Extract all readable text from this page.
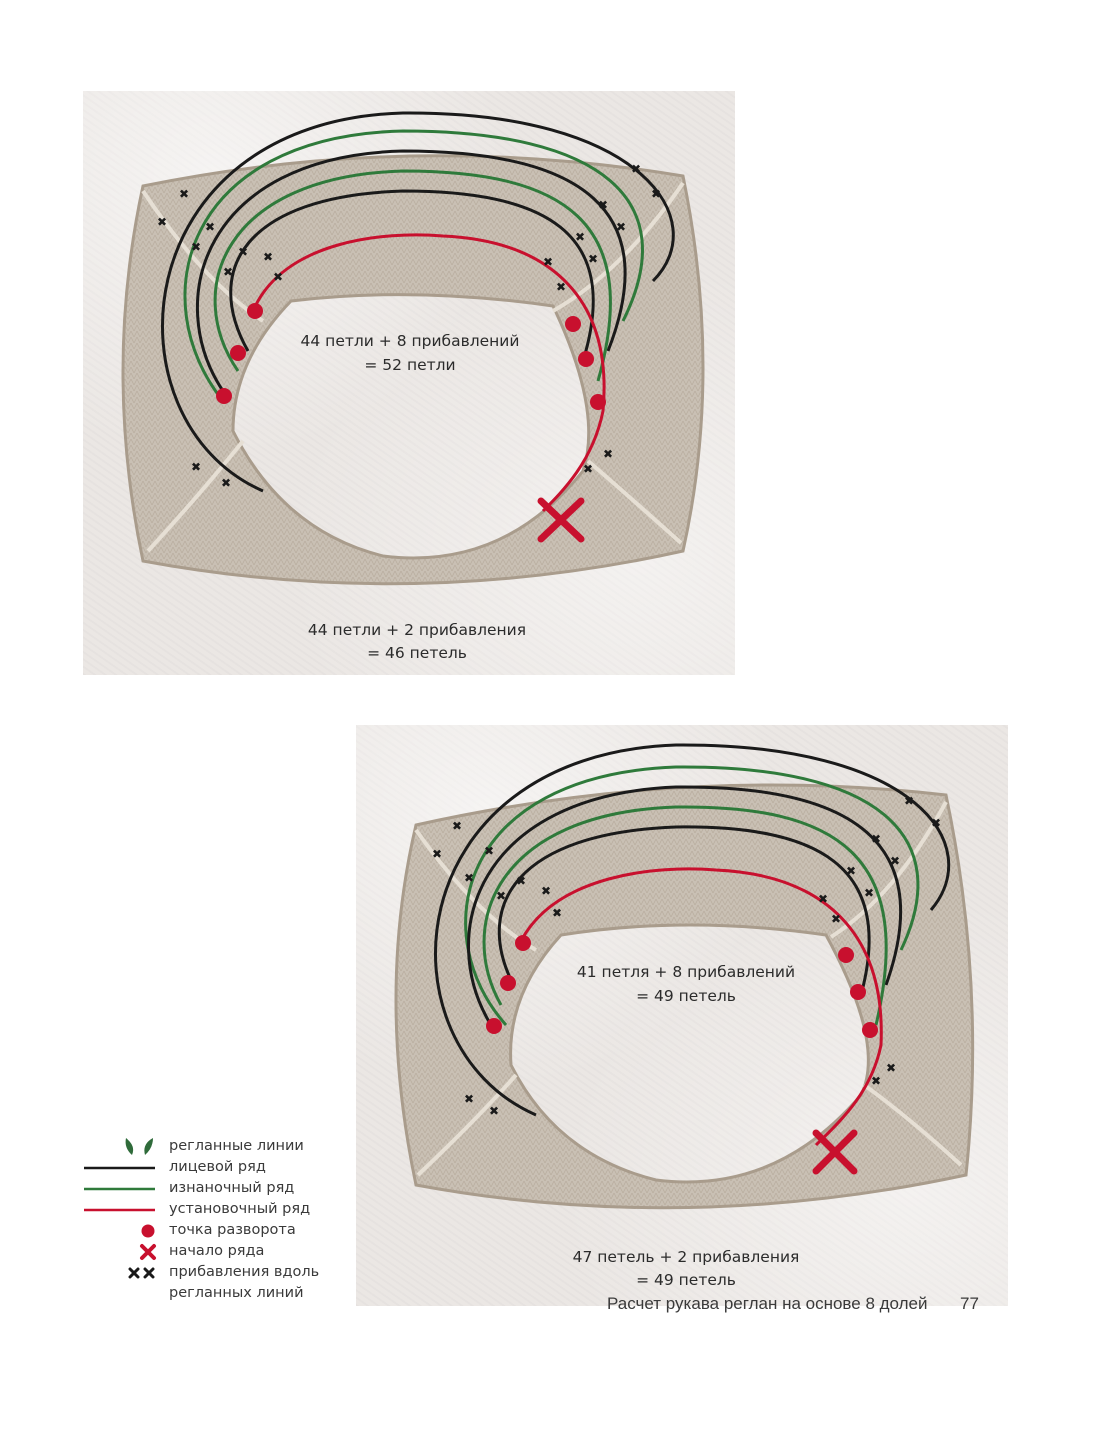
✖
✖
✖
✖
✖
✖ ✖
✖
✖
✖
✖
✖
✖
✖
✖
✖
✖
✖
✖
✖
44 петли + 8 прибавлений
= 52 петли
44 петли + 2 прибавления
= 46 петель
✖
✖
✖
✖
✖
✖
✖
✖
✖
✖
✖
✖
✖
✖
✖
✖
✖
✖
✖
✖
41 петля + 8 прибавлений
= 49 петель
47 петель + 2 прибавления
= 49 петель
регланные линии
лицевой ряд
изнаночный ряд
установочный ряд
точка разворота
начало ряда
прибавления вдоль
регланных линий
Расчет рукава реглан на основе 8 долей 77
